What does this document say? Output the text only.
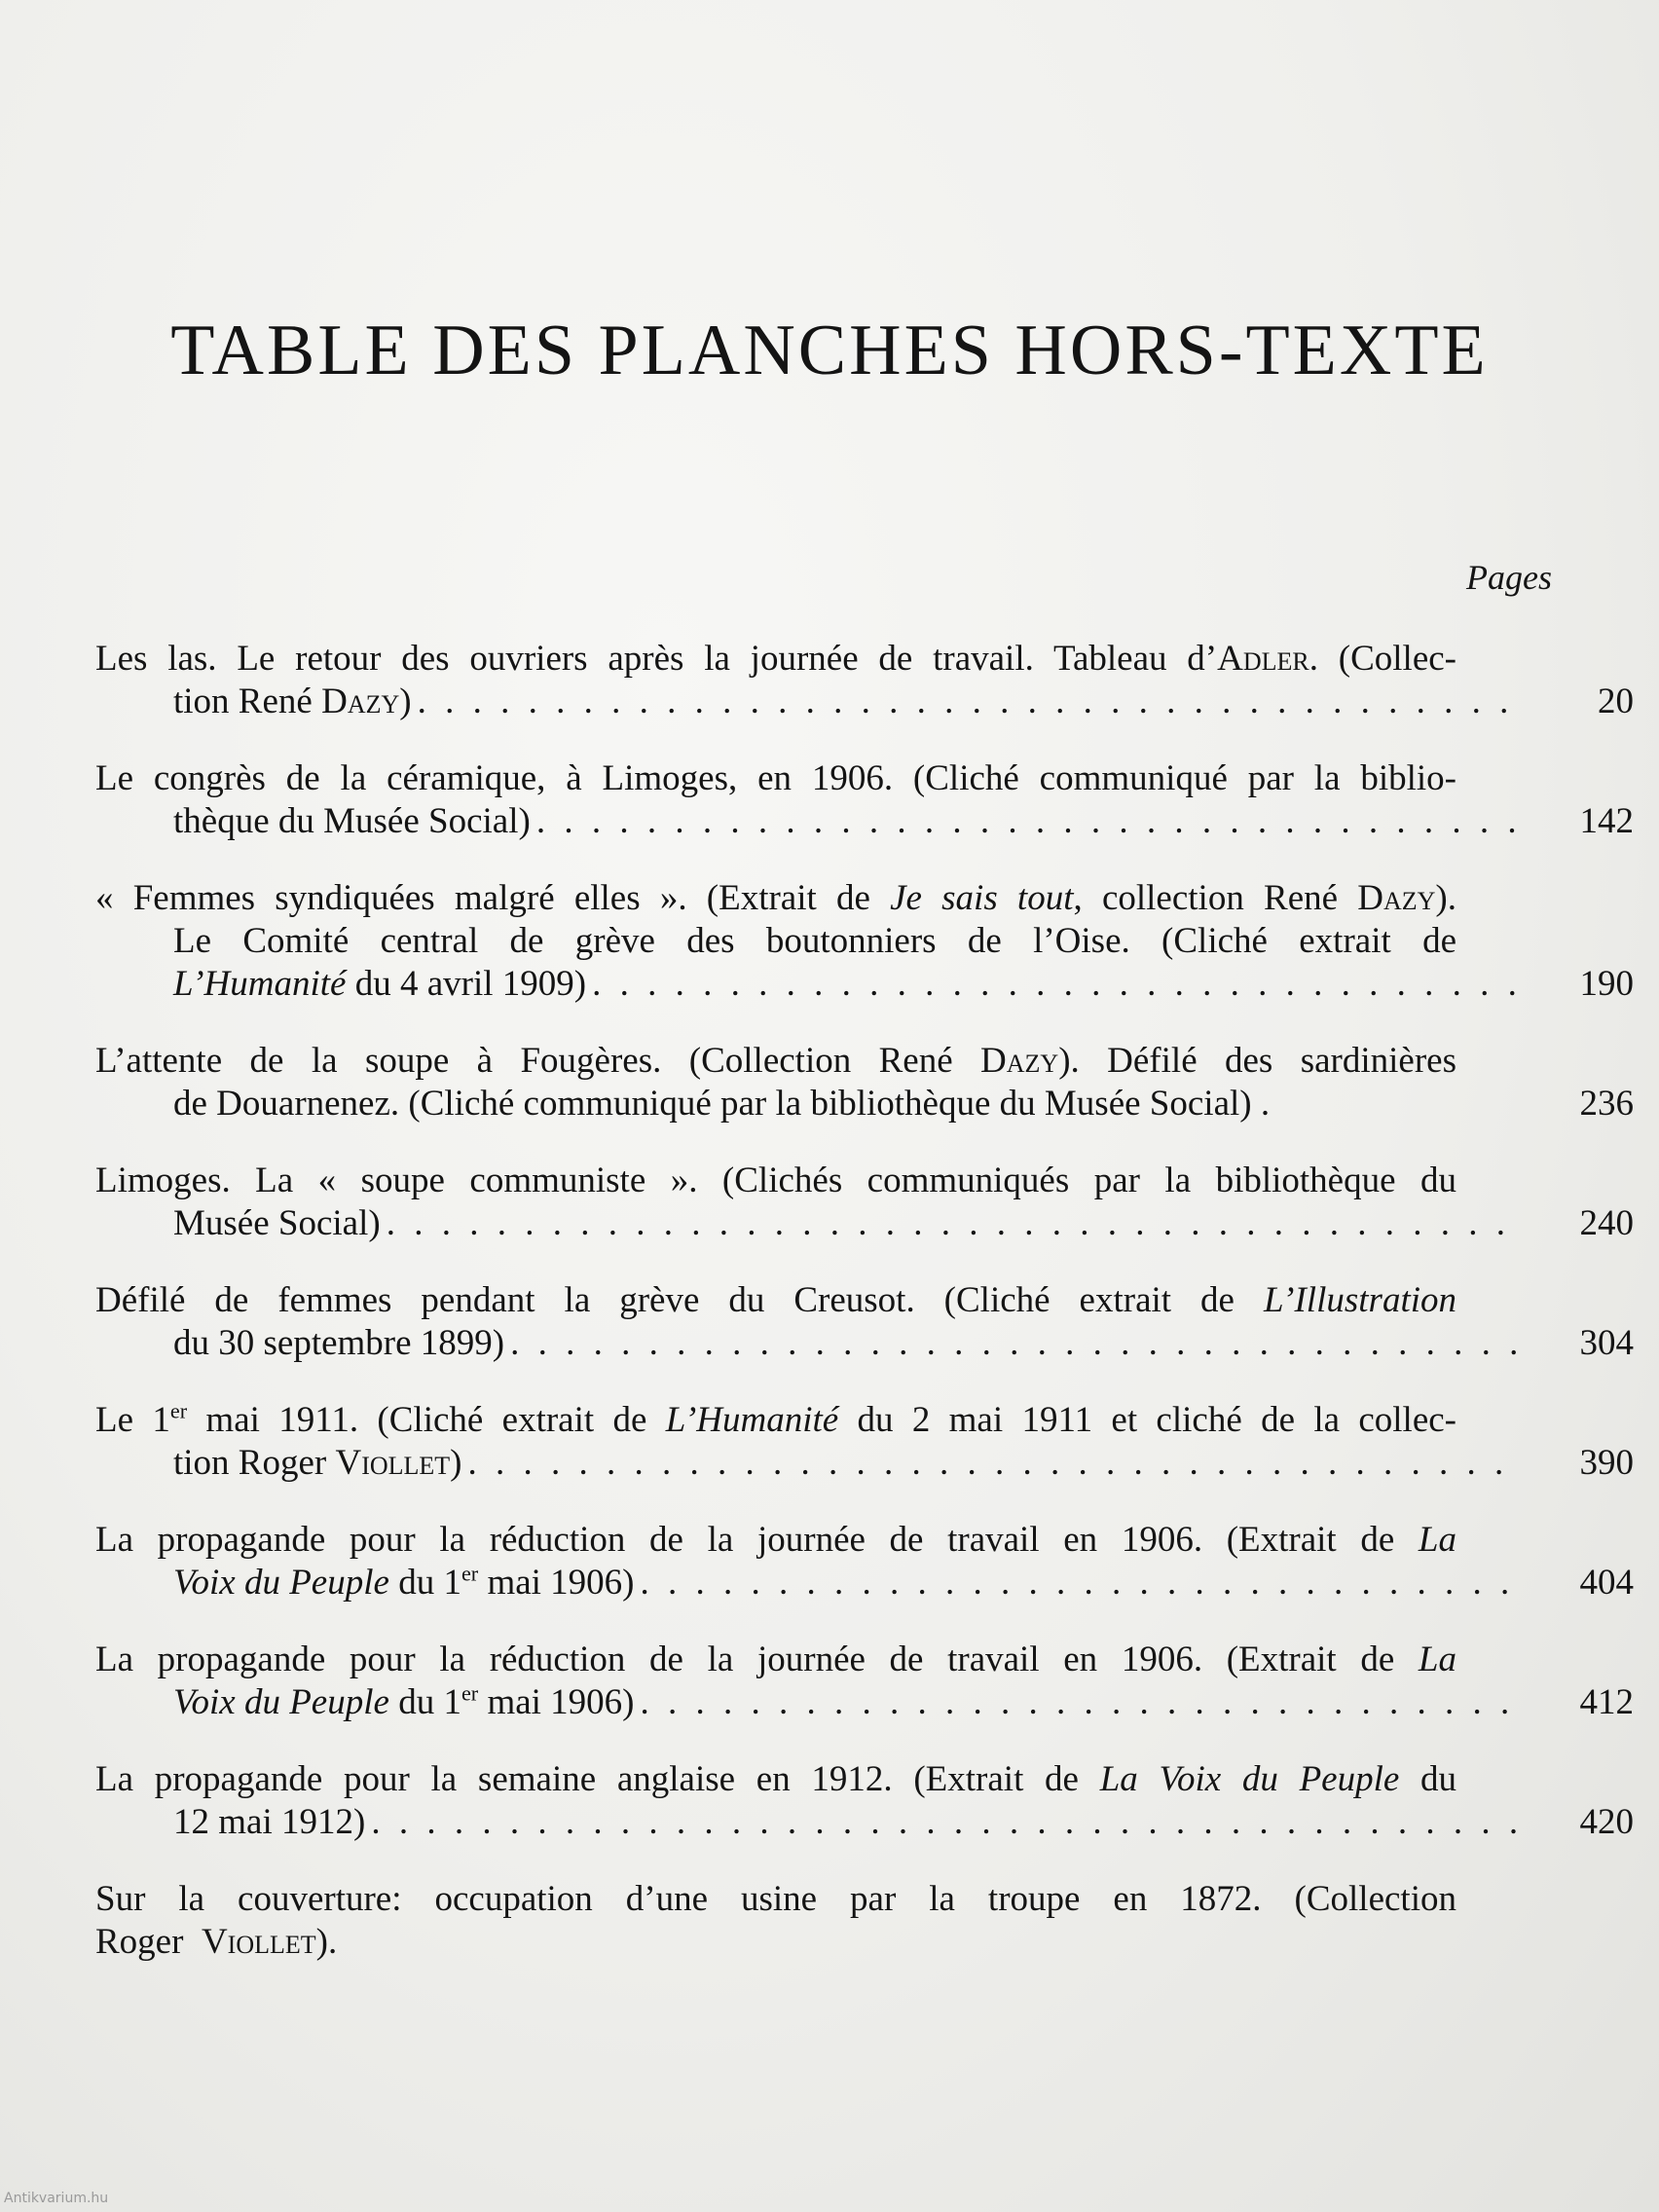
TABLE DES PLANCHES HORS-TEXTE
Pages
Les las. Le retour des ouvriers après la journée de travail. Tableau d’Adler. (Collec-
tion René Dazy) . . .	20
Le congrès de la céramique, à Limoges, en 1906. (Cliché communiqué par la biblio-
thèque du Musée Social) . . .	142
« Femmes syndiquées malgré elles ». (Extrait de Je sais tout, collection René Dazy).
Le Comité central de grève des boutonniers de l’Oise. (Cliché extrait de
L’Humanité du 4 avril 1909) . . .	190
L’attente de la soupe à Fougères. (Collection René Dazy). Défilé des sardinières
de Douarnenez. (Cliché communiqué par la bibliothèque du Musée Social) .	236
Limoges. La « soupe communiste ». (Clichés communiqués par la bibliothèque du
Musée Social) . . .	240
Défilé de femmes pendant la grève du Creusot. (Cliché extrait de L’Illustration
du 30 septembre 1899) . . .	304
Le 1er mai 1911. (Cliché extrait de L’Humanité du 2 mai 1911 et cliché de la collec-
tion Roger Viollet) . . .	390
La propagande pour la réduction de la journée de travail en 1906. (Extrait de La
Voix du Peuple du 1er mai 1906) . . .	404
La propagande pour la réduction de la journée de travail en 1906. (Extrait de La
Voix du Peuple du 1er mai 1906) . . .	412
La propagande pour la semaine anglaise en 1912. (Extrait de La Voix du Peuple du
12 mai 1912) . . .	420
Sur la couverture: occupation d’une usine par la troupe en 1872. (Collection
Roger Viollet ).
Antikvarium.hu
